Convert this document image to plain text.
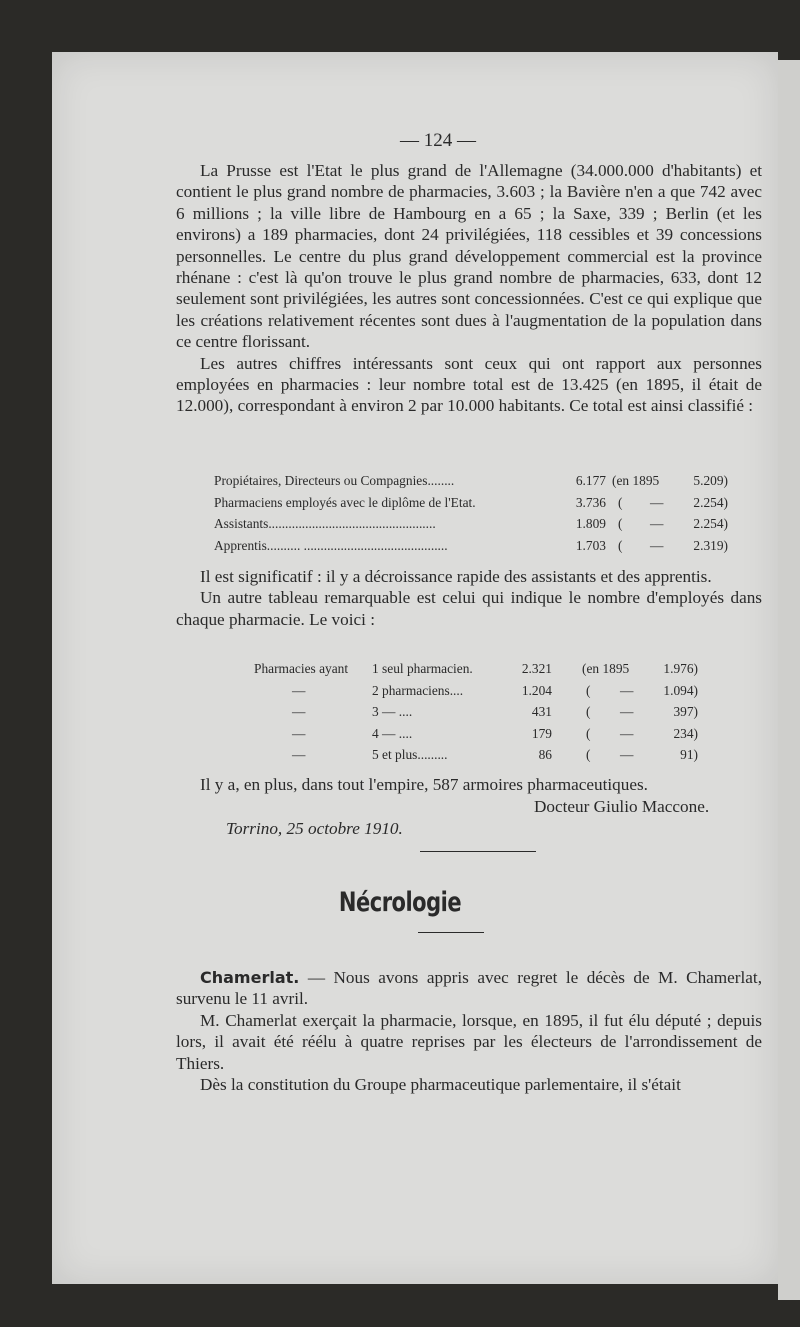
— 124 —

La Prusse est l'Etat le plus grand de l'Allemagne (34.000.000 d'habitants) et contient le plus grand nombre de pharmacies, 3.603 ; la Bavière n'en a que 742 avec 6 millions ; la ville libre de Hambourg en a 65 ; la Saxe, 339 ; Berlin (et les environs) a 189 pharmacies, dont 24 privilégiées, 118 cessibles et 39 concessions personnelles. Le centre du plus grand développement commercial est la province rhénane : c'est là qu'on trouve le plus grand nombre de pharmacies, 633, dont 12 seulement sont privilégiées, les autres sont concessionnées. C'est ce qui explique que les créations relativement récentes sont dues à l'augmentation de la population dans ce centre florissant.

Les autres chiffres intéressants sont ceux qui ont rapport aux personnes employées en pharmacies : leur nombre total est de 13.425 (en 1895, il était de 12.000), correspondant à environ 2 par 10.000 habitants. Ce total est ainsi classifié :

Propiétaires, Directeurs ou Compagnies........	6.177 (en 1895	5.209)
Pharmaciens employés avec le diplôme de l'Etat.	3.736 ( — 2.254)
Assistants..................................................	1.809 ( — 2.254)
Apprentis.......... ...........................................	1.703 ( — 2.319)

Il est significatif : il y a décroissance rapide des assistants et des apprentis.

Un autre tableau remarquable est celui qui indique le nombre d'employés dans chaque pharmacie. Le voici :

Pharmacies ayant 1 seul pharmacien.	2.321 (en 1895	1.976)
—	2 pharmaciens....	1.204	( — 1.094)
—	3 — ....	431	( —	397)
—	4 — ....	179	( —	234)
—	5 et plus.........	86	( —	91)
Il y a, en plus, dans tout l'empire, 587 armoires pharmaceutiques.
Docteur Giulio Maccone.
Torrino, 25 octobre 1910.
Nécrologie

Chamerlat. — Nous avons appris avec regret le décès de M. Chamerlat, survenu le 11 avril.

M. Chamerlat exerçait la pharmacie, lorsque, en 1895, il fut élu député ; depuis lors, il avait été réélu à quatre reprises par les électeurs de l'arrondissement de Thiers.

Dès la constitution du Groupe pharmaceutique parlementaire, il s'était
